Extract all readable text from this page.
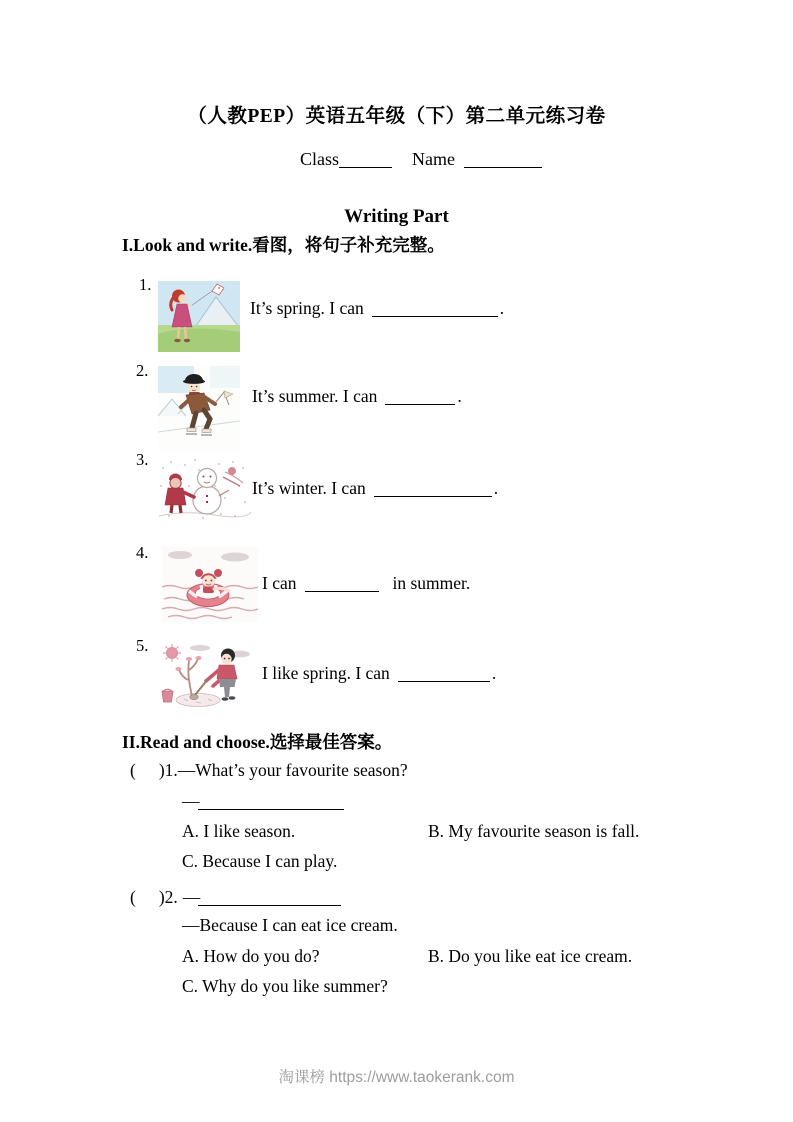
（人教PEP）英语五年级（下）第二单元练习卷
Class	Name
Writing Part
I.Look and write.看图，将句子补充完整。
1.
It’s spring. I can	.
2.
It’s summer. I can	.
3.
It’s winter. I can	.
4.
I can	in summer.
5.
I like spring. I can	.
II.Read and choose.选择最佳答案。
( )1.—What’s your favourite season?
—
A. I like season.	B. My favourite season is fall.
C. Because I can play.
( )2. —
—Because I can eat ice cream.
A. How do you do?	B. Do you like eat ice cream.
C. Why do you like summer?
淘课榜 https://www.taokerank.com
